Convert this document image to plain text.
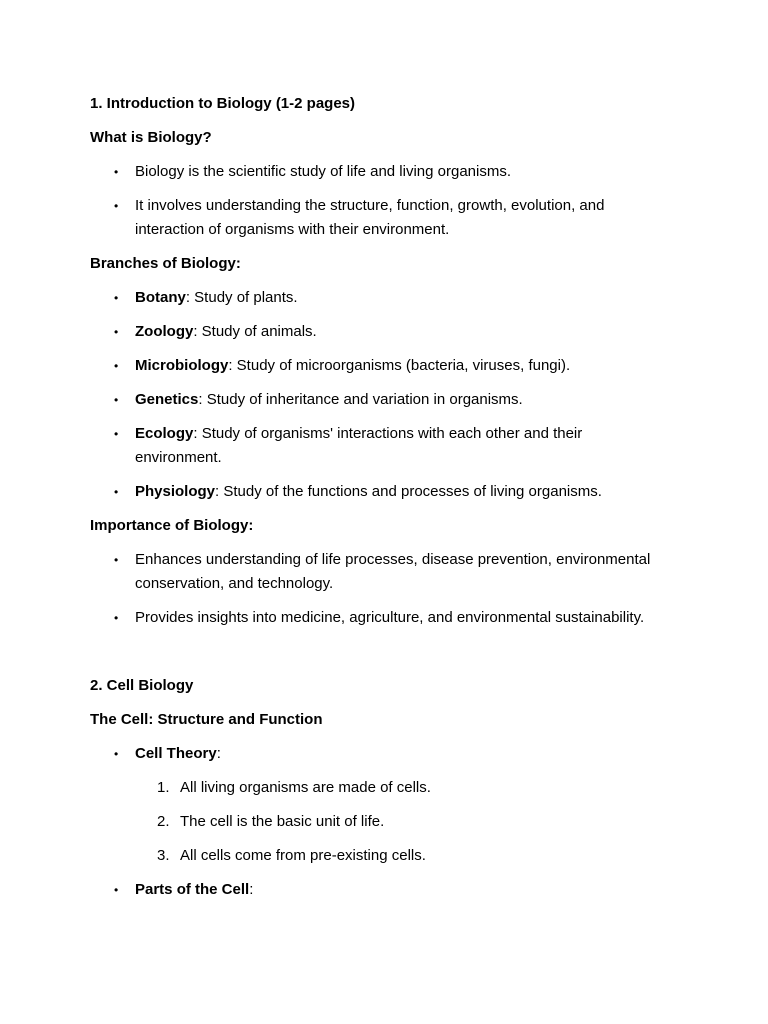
1. Introduction to Biology (1-2 pages)
What is Biology?
• Biology is the scientific study of life and living organisms.
• It involves understanding the structure, function, growth, evolution, and interaction of organisms with their environment.
Branches of Biology:
• Botany: Study of plants.
• Zoology: Study of animals.
• Microbiology: Study of microorganisms (bacteria, viruses, fungi).
• Genetics: Study of inheritance and variation in organisms.
• Ecology: Study of organisms' interactions with each other and their environment.
• Physiology: Study of the functions and processes of living organisms.
Importance of Biology:
• Enhances understanding of life processes, disease prevention, environmental conservation, and technology.
• Provides insights into medicine, agriculture, and environmental sustainability.
2. Cell Biology
The Cell: Structure and Function
• Cell Theory:
1. All living organisms are made of cells.
2. The cell is the basic unit of life.
3. All cells come from pre-existing cells.
• Parts of the Cell:
